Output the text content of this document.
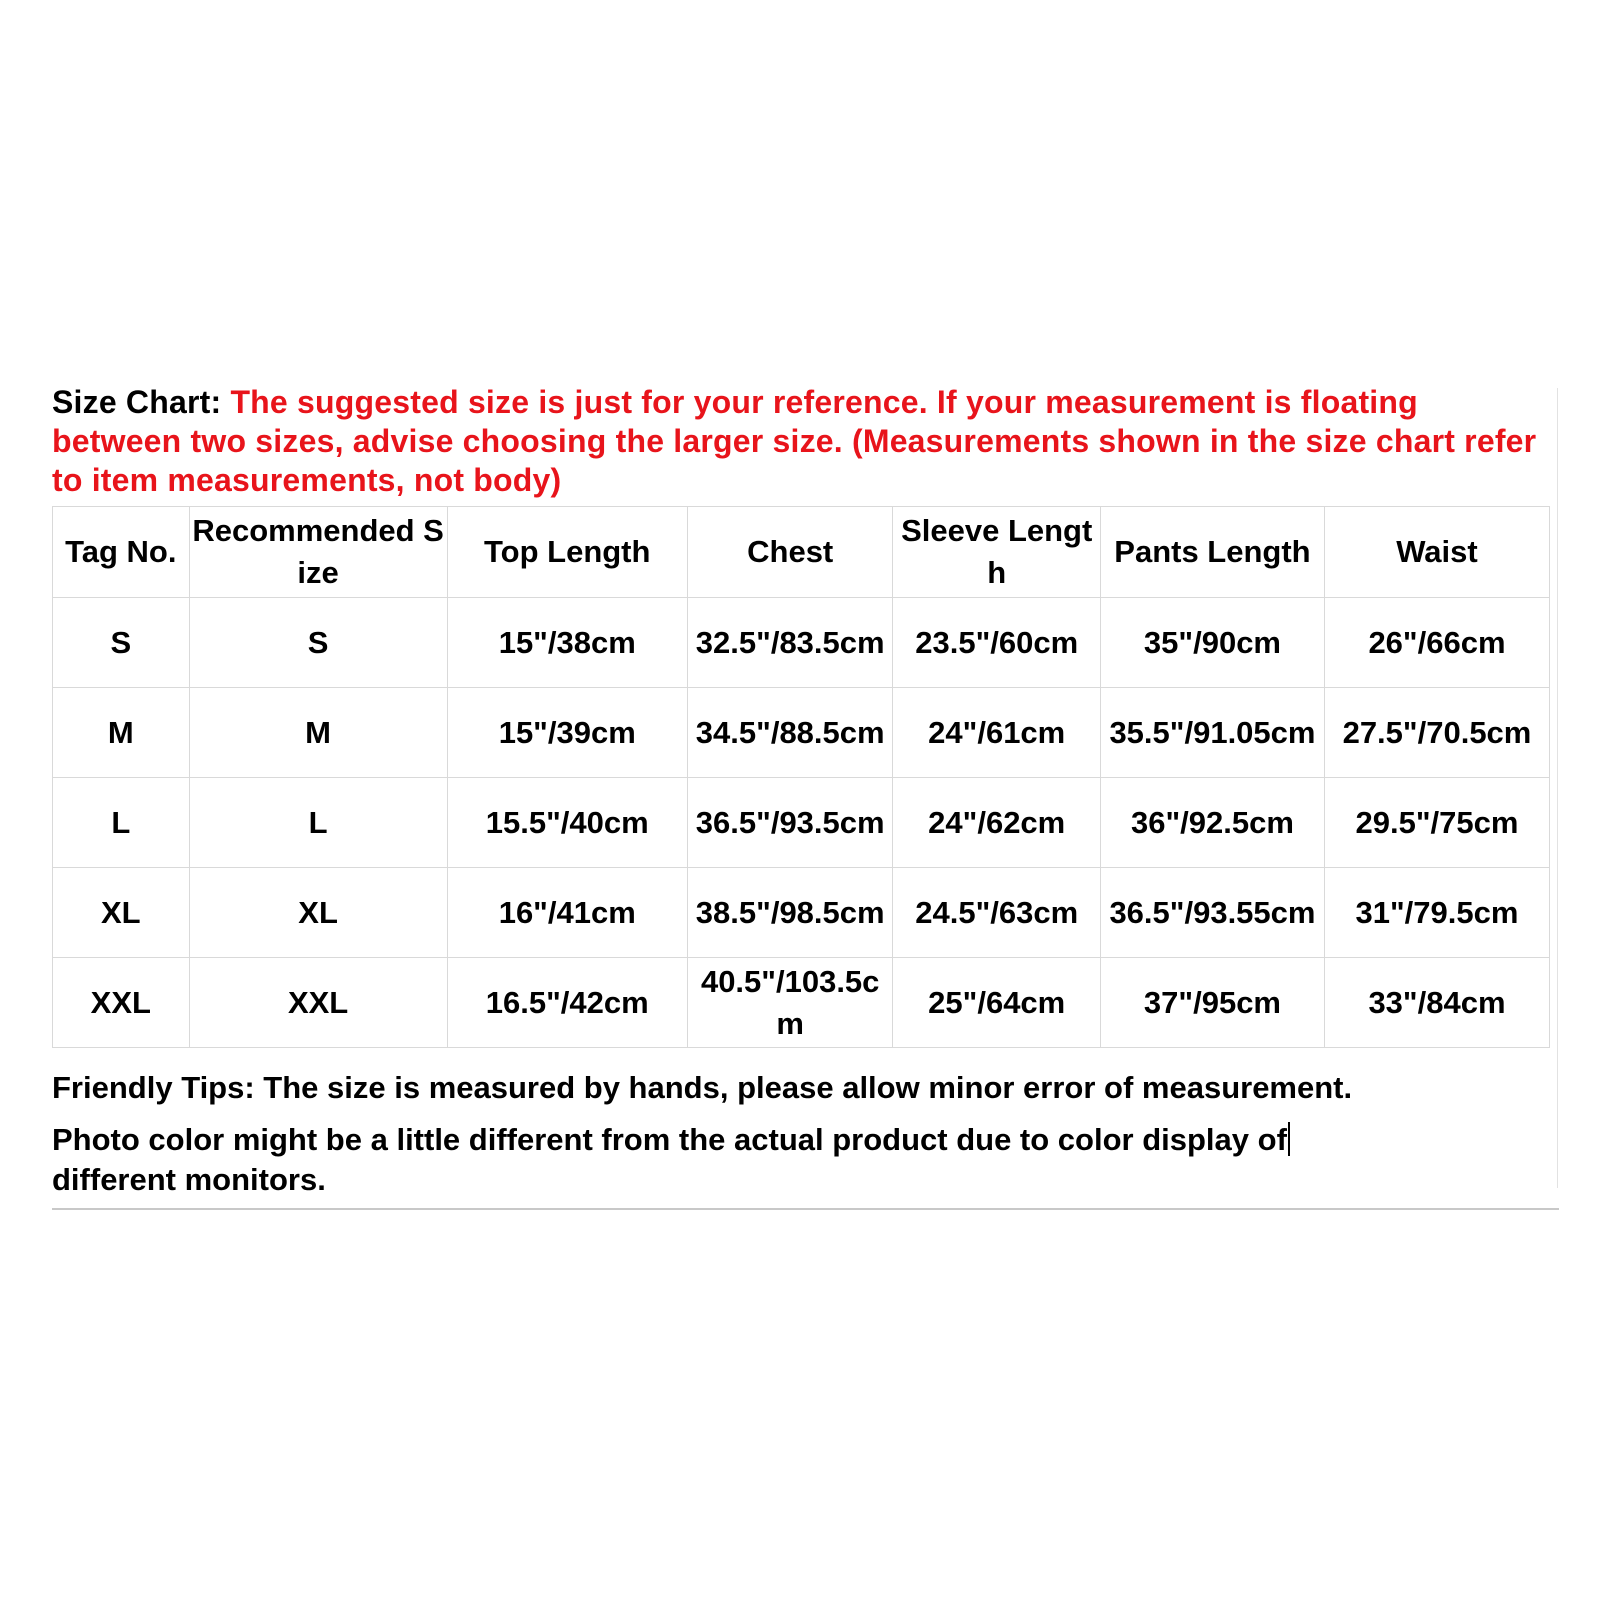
Size Chart: The suggested size is just for your reference. If your measurement is floating between two sizes, advise choosing the larger size. (Measurements shown in the size chart refer to item measurements, not body)
Tag No.	Recommended Size	Top Length	Chest	Sleeve Length	Pants Length	Waist
S	S	15"/38cm	32.5"/83.5cm	23.5"/60cm	35"/90cm	26"/66cm
M	M	15"/39cm	34.5"/88.5cm	24"/61cm	35.5"/91.05cm	27.5"/70.5cm
L	L	15.5"/40cm	36.5"/93.5cm	24"/62cm	36"/92.5cm	29.5"/75cm
XL	XL	16"/41cm	38.5"/98.5cm	24.5"/63cm	36.5"/93.55cm	31"/79.5cm
XXL	XXL	16.5"/42cm	40.5"/103.5cm	25"/64cm	37"/95cm	33"/84cm

Friendly Tips: The size is measured by hands, please allow minor error of measurement.

Photo color might be a little different from the actual product due to color display of
different monitors.
